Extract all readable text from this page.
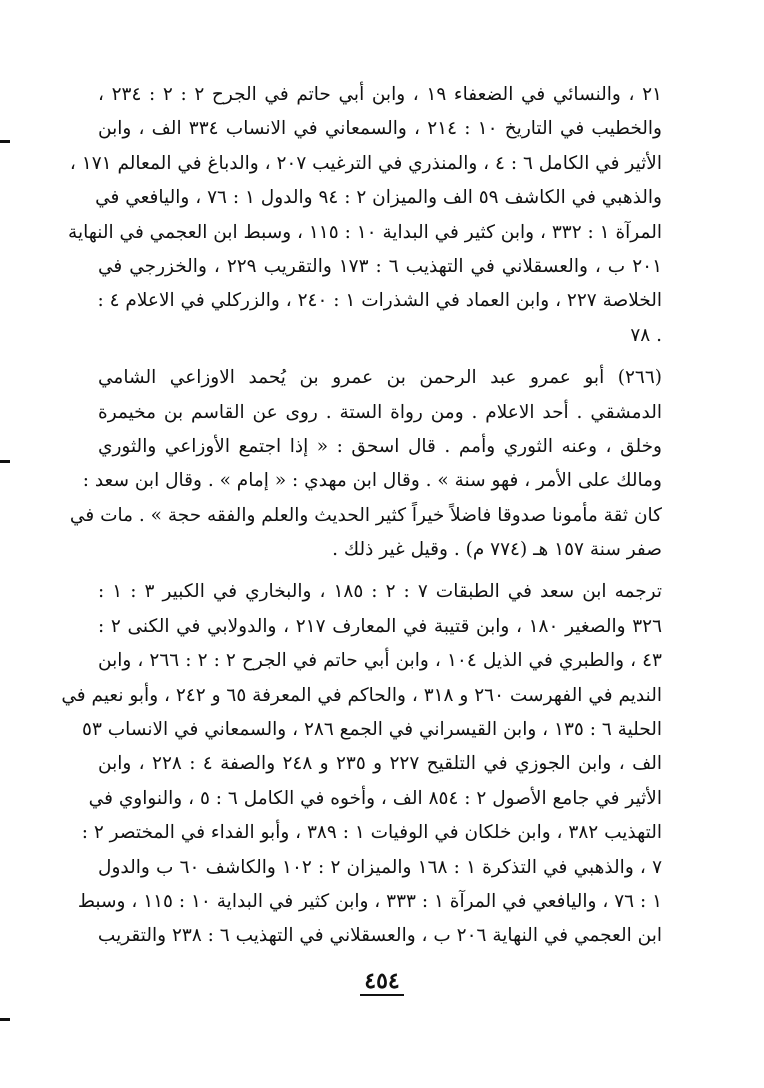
٢١ ، والنسائي في الضعفاء ١٩ ، وابن أبي حاتم في الجرح ٢ : ٢ : ٢٣٤ ،
والخطيب في التاريخ ١٠ : ٢١٤ ، والسمعاني في الانساب ٣٣٤ الف ، وابن
الأثير في الكامل ٦ : ٤ ، والمنذري في الترغيب ٢٠٧ ، والدباغ في المعالم ١٧١ ،
والذهبي في الكاشف ٥٩ الف والميزان ٢ : ٩٤ والدول ١ : ٧٦ ، واليافعي في
المرآة ١ : ٣٣٢ ، وابن كثير في البداية ١٠ : ١١٥ ، وسبط ابن العجمي في النهاية
٢٠١ ب ، والعسقلاني في التهذيب ٦ : ١٧٣ والتقريب ٢٢٩ ، والخزرجي في
الخلاصة ٢٢٧ ، وابن العماد في الشذرات ١ : ٢٤٠ ، والزركلي في الاعلام ٤ :
. ٧٨
(٢٦٦) أبو عمرو عبد الرحمن بن عمرو بن يُحمد الاوزاعي الشامي
الدمشقي . أحد الاعلام . ومن رواة الستة . روى عن القاسم بن مخيمرة
وخلق ، وعنه الثوري وأمم . قال اسحق : « إذا اجتمع الأوزاعي والثوري
ومالك على الأمر ، فهو سنة » . وقال ابن مهدي : « إمام » . وقال ابن سعد :
كان ثقة مأمونا صدوقا فاضلاً خيراً كثير الحديث والعلم والفقه حجة » . مات في
صفر سنة ١٥٧ هـ (٧٧٤ م) . وقيل غير ذلك .
ترجمه ابن سعد في الطبقات ٧ : ٢ : ١٨٥ ، والبخاري في الكبير ٣ : ١ :
٣٢٦ والصغير ١٨٠ ، وابن قتيبة في المعارف ٢١٧ ، والدولابي في الكنى ٢ :
٤٣ ، والطبري في الذيل ١٠٤ ، وابن أبي حاتم في الجرح ٢ : ٢ : ٢٦٦ ، وابن
النديم في الفهرست ٢٦٠ و ٣١٨ ، والحاكم في المعرفة ٦٥ و ٢٤٢ ، وأبو نعيم في
الحلية ٦ : ١٣٥ ، وابن القيسراني في الجمع ٢٨٦ ، والسمعاني في الانساب ٥٣
الف ، وابن الجوزي في التلقيح ٢٢٧ و ٢٣٥ و ٢٤٨ والصفة ٤ : ٢٢٨ ، وابن
الأثير في جامع الأصول ٢ : ٨٥٤ الف ، وأخوه في الكامل ٦ : ٥ ، والنواوي في
التهذيب ٣٨٢ ، وابن خلكان في الوفيات ١ : ٣٨٩ ، وأبو الفداء في المختصر ٢ :
٧ ، والذهبي في التذكرة ١ : ١٦٨ والميزان ٢ : ١٠٢ والكاشف ٦٠ ب والدول
١ : ٧٦ ، واليافعي في المرآة ١ : ٣٣٣ ، وابن كثير في البداية ١٠ : ١١٥ ، وسبط
ابن العجمي في النهاية ٢٠٦ ب ، والعسقلاني في التهذيب ٦ : ٢٣٨ والتقريب
٤٥٤
